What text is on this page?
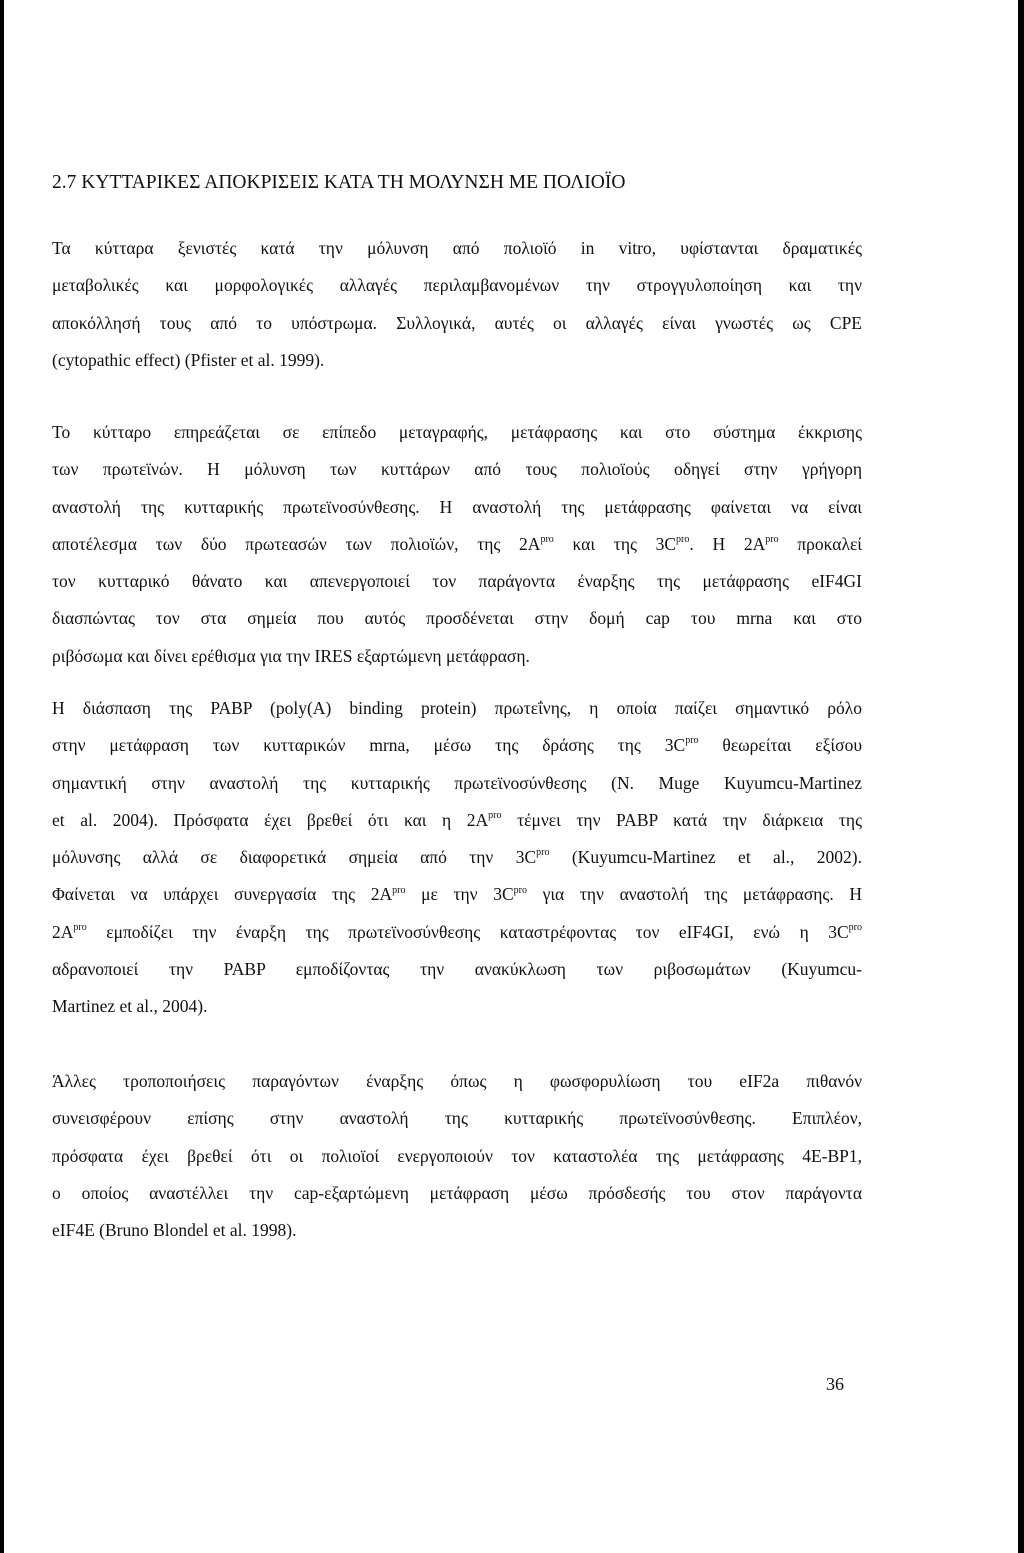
2.7 ΚΥΤΤΑΡΙΚΕΣ ΑΠΟΚΡΙΣΕΙΣ ΚΑΤΑ ΤΗ ΜΟΛΥΝΣΗ ΜΕ ΠΟΛΙΟΪΟ
Τα κύτταρα ξενιστές κατά την μόλυνση από πολιοϊό in vitro, υφίστανται δραματικές
μεταβολικές και μορφολογικές αλλαγές περιλαμβανομένων την στρογγυλοποίηση και την
αποκόλλησή τους από το υπόστρωμα. Συλλογικά, αυτές οι αλλαγές είναι γνωστές ως CPE
(cytopathic effect) (Pfister et al. 1999).
Το κύτταρο επηρεάζεται σε επίπεδο μεταγραφής, μετάφρασης και στο σύστημα έκκρισης
των πρωτεϊνών. Η μόλυνση των κυττάρων από τους πολιοϊούς οδηγεί στην γρήγορη
αναστολή της κυτταρικής πρωτεϊνοσύνθεσης. Η αναστολή της μετάφρασης φαίνεται να είναι
αποτέλεσμα των δύο πρωτεασών των πολιοϊών, της $2A^{pro}$ και της $3C^{pro}$. Η $2A^{pro}$ προκαλεί
τον κυτταρικό θάνατο και απενεργοποιεί τον παράγοντα έναρξης της μετάφρασης eIF4GI
διασπώντας τον στα σημεία που αυτός προσδένεται στην δομή cap του mrna και στο
ριβόσωμα και δίνει ερέθισμα για την IRES εξαρτώμενη μετάφραση.
Η διάσπαση της PABP (poly(A) binding protein) πρωτεΐνης, η οποία παίζει σημαντικό ρόλο
στην μετάφραση των κυτταρικών mrna, μέσω της δράσης της $3C^{pro}$ θεωρείται εξίσου
σημαντική στην αναστολή της κυτταρικής πρωτεϊνοσύνθεσης (N. Muge Kuyumcu-Martinez
et al. 2004). Πρόσφατα έχει βρεθεί ότι και η $2A^{pro}$ τέμνει την PABP κατά την διάρκεια της
μόλυνσης αλλά σε διαφορετικά σημεία από την $3C^{pro}$ (Kuyumcu-Martinez et al., 2002).
Φαίνεται να υπάρχει συνεργασία της $2A^{pro}$ με την $3C^{pro}$ για την αναστολή της μετάφρασης. Η
$2A^{pro}$ εμποδίζει την έναρξη της πρωτεϊνοσύνθεσης καταστρέφοντας τον eIF4GI, ενώ η $3C^{pro}$
αδρανοποιεί την PABP εμποδίζοντας την ανακύκλωση των ριβοσωμάτων (Kuyumcu-
Martinez et al., 2004).
Άλλες τροποποιήσεις παραγόντων έναρξης όπως η φωσφορυλίωση του eIF2a πιθανόν
συνεισφέρουν επίσης στην αναστολή της κυτταρικής πρωτεϊνοσύνθεσης. Επιπλέον,
πρόσφατα έχει βρεθεί ότι οι πολιοϊοί ενεργοποιούν τον καταστολέα της μετάφρασης 4E-BP1,
ο οποίος αναστέλλει την cap-εξαρτώμενη μετάφραση μέσω πρόσδεσής του στον παράγοντα
eIF4E (Bruno Blondel et al. 1998).
36
